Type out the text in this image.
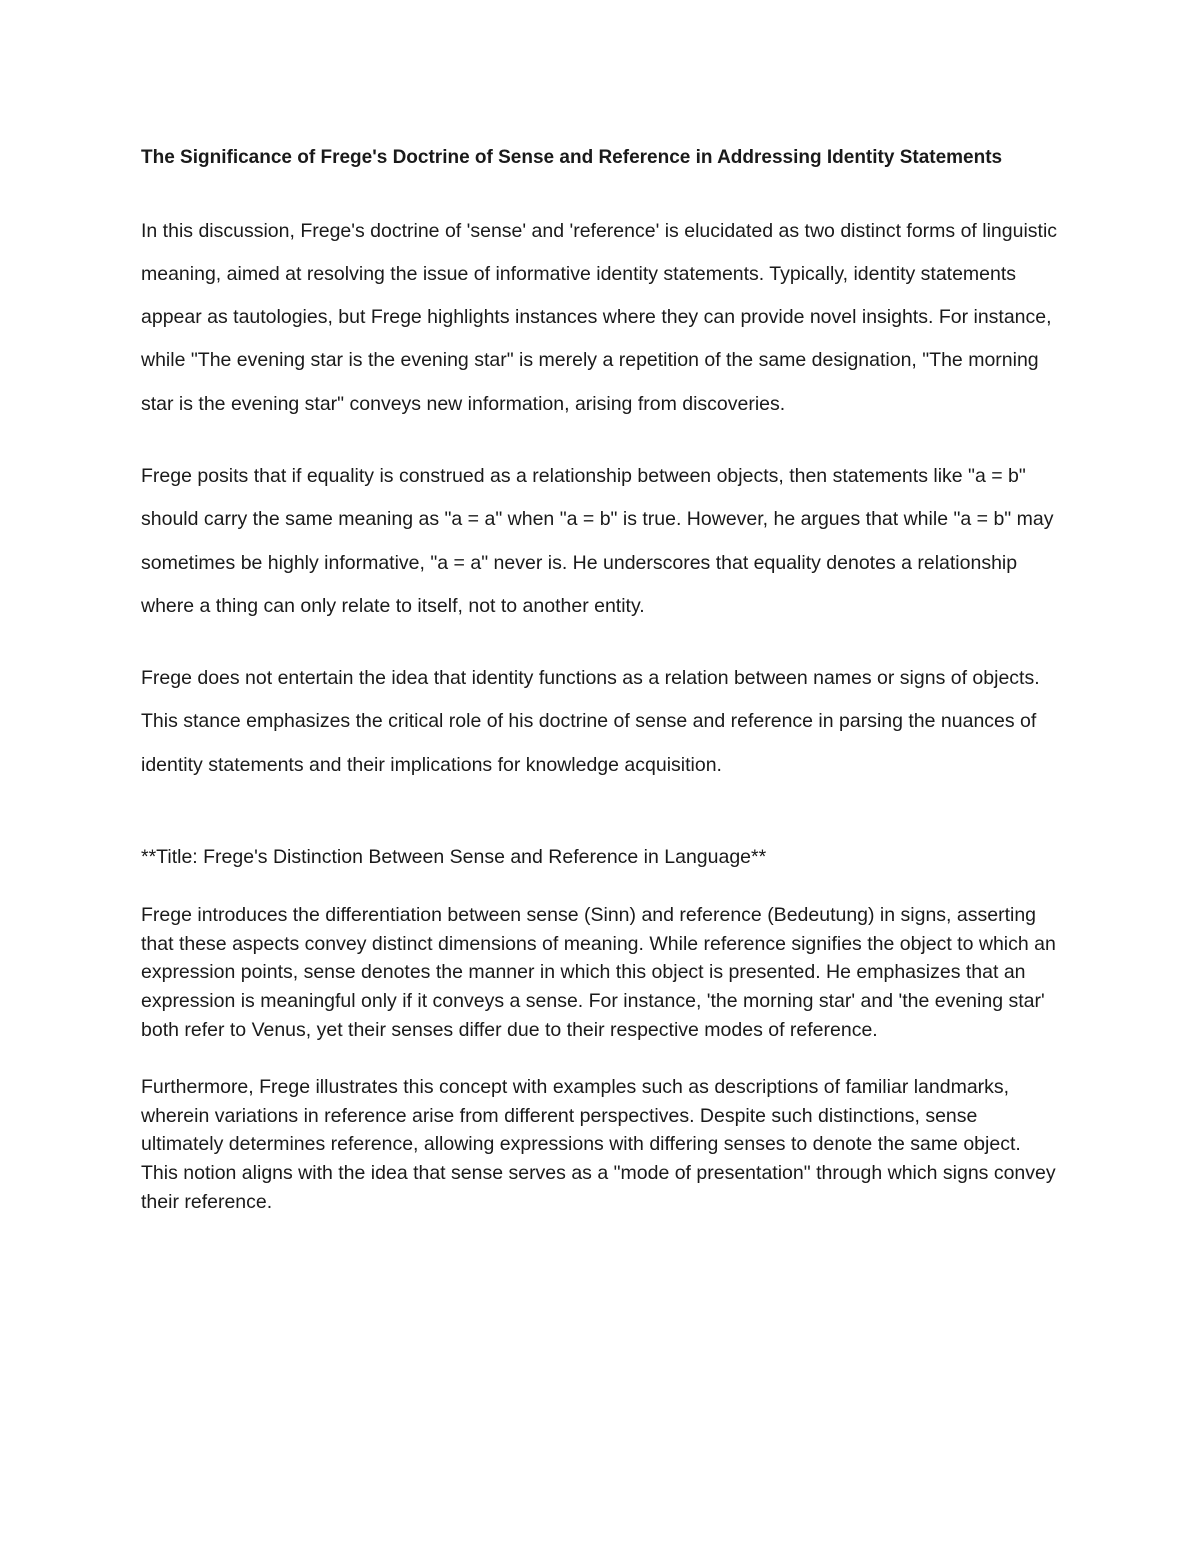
The Significance of Frege's Doctrine of Sense and Reference in Addressing Identity Statements

In this discussion, Frege's doctrine of 'sense' and 'reference' is elucidated as two distinct forms of linguistic meaning, aimed at resolving the issue of informative identity statements. Typically, identity statements appear as tautologies, but Frege highlights instances where they can provide novel insights. For instance, while "The evening star is the evening star" is merely a repetition of the same designation, "The morning star is the evening star" conveys new information, arising from discoveries.

Frege posits that if equality is construed as a relationship between objects, then statements like "a = b" should carry the same meaning as "a = a" when "a = b" is true. However, he argues that while "a = b" may sometimes be highly informative, "a = a" never is. He underscores that equality denotes a relationship where a thing can only relate to itself, not to another entity.

Frege does not entertain the idea that identity functions as a relation between names or signs of objects. This stance emphasizes the critical role of his doctrine of sense and reference in parsing the nuances of identity statements and their implications for knowledge acquisition.

**Title: Frege's Distinction Between Sense and Reference in Language**

Frege introduces the differentiation between sense (Sinn) and reference (Bedeutung) in signs, asserting that these aspects convey distinct dimensions of meaning. While reference signifies the object to which an expression points, sense denotes the manner in which this object is presented. He emphasizes that an expression is meaningful only if it conveys a sense. For instance, 'the morning star' and 'the evening star' both refer to Venus, yet their senses differ due to their respective modes of reference.

Furthermore, Frege illustrates this concept with examples such as descriptions of familiar landmarks, wherein variations in reference arise from different perspectives. Despite such distinctions, sense ultimately determines reference, allowing expressions with differing senses to denote the same object. This notion aligns with the idea that sense serves as a "mode of presentation" through which signs convey their reference.
